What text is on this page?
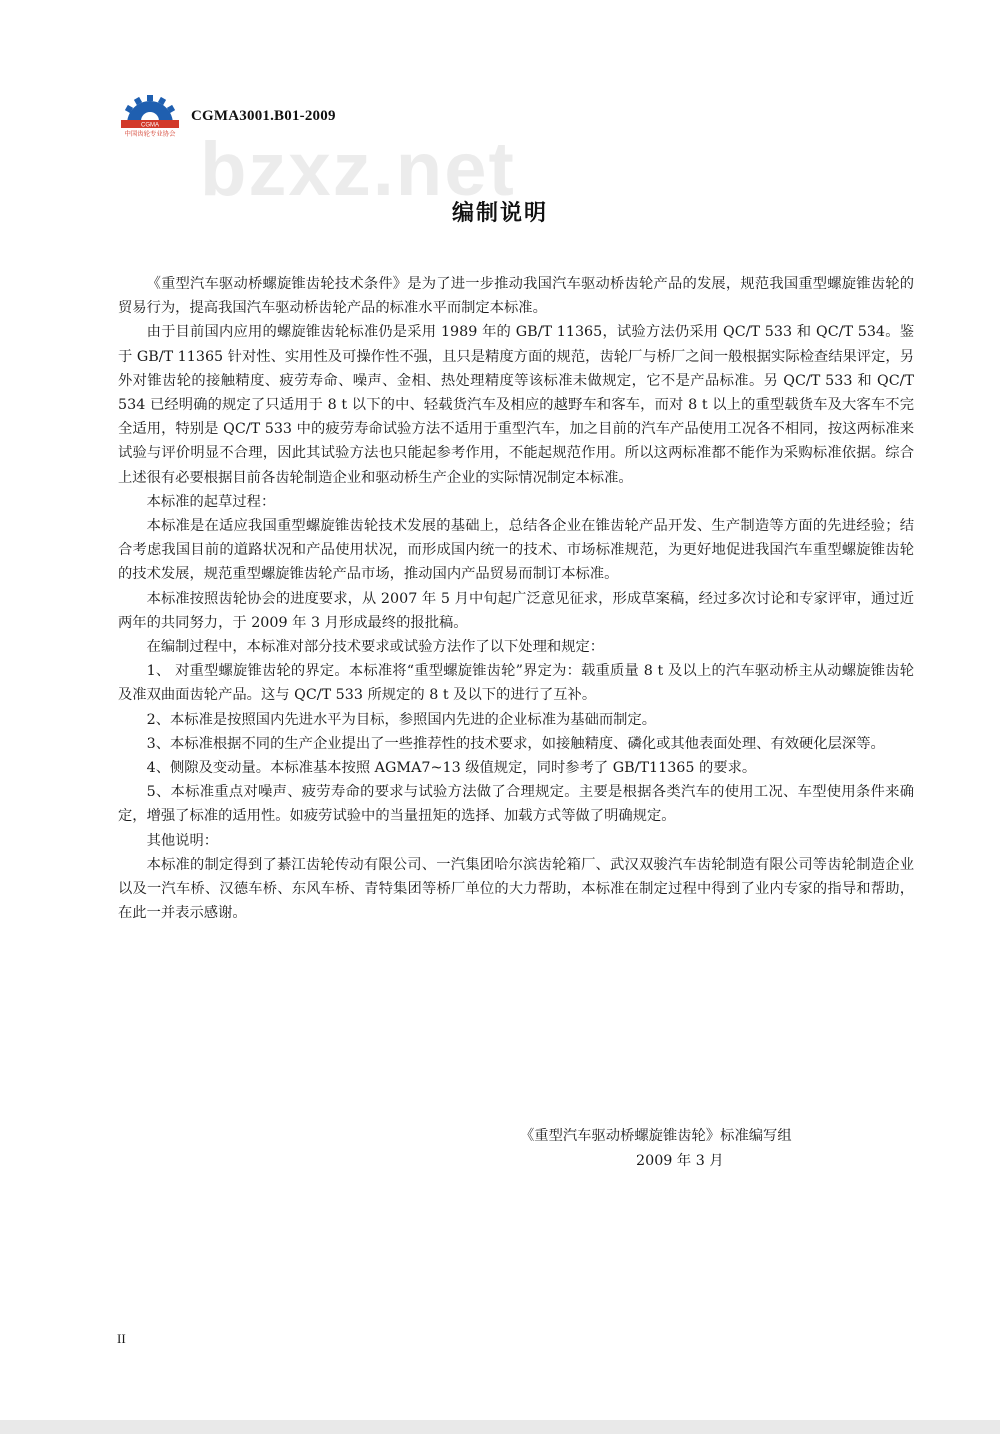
CGMA
中国齿轮专业协会
CGMA3001.B01-2009
bzxz.net
编制说明

《重型汽车驱动桥螺旋锥齿轮技术条件》是为了进一步推动我国汽车驱动桥齿轮产品的发展，规范我国重型螺旋锥齿轮的贸易行为，提高我国汽车驱动桥齿轮产品的标准水平而制定本标准。

由于目前国内应用的螺旋锥齿轮标准仍是采用 1989 年的 GB/T 11365，试验方法仍采用 QC/T 533 和 QC/T 534。鉴于 GB/T 11365 针对性、实用性及可操作性不强，且只是精度方面的规范，齿轮厂与桥厂之间一般根据实际检查结果评定，另外对锥齿轮的接触精度、疲劳寿命、噪声、金相、热处理精度等该标准未做规定，它不是产品标准。另 QC/T 533 和 QC/T 534 已经明确的规定了只适用于 8 t 以下的中、轻载货汽车及相应的越野车和客车，而对 8 t 以上的重型载货车及大客车不完全适用，特别是 QC/T 533 中的疲劳寿命试验方法不适用于重型汽车，加之目前的汽车产品使用工况各不相同，按这两标准来试验与评价明显不合理，因此其试验方法也只能起参考作用，不能起规范作用。所以这两标准都不能作为采购标准依据。综合上述很有必要根据目前各齿轮制造企业和驱动桥生产企业的实际情况制定本标准。

本标准的起草过程：

本标准是在适应我国重型螺旋锥齿轮技术发展的基础上，总结各企业在锥齿轮产品开发、生产制造等方面的先进经验；结合考虑我国目前的道路状况和产品使用状况，而形成国内统一的技术、市场标准规范，为更好地促进我国汽车重型螺旋锥齿轮的技术发展，规范重型螺旋锥齿轮产品市场，推动国内产品贸易而制订本标准。

本标准按照齿轮协会的进度要求，从 2007 年 5 月中旬起广泛意见征求，形成草案稿，经过多次讨论和专家评审，通过近两年的共同努力，于 2009 年 3 月形成最终的报批稿。

在编制过程中，本标准对部分技术要求或试验方法作了以下处理和规定：

1、 对重型螺旋锥齿轮的界定。本标准将“重型螺旋锥齿轮”界定为：载重质量 8 t 及以上的汽车驱动桥主从动螺旋锥齿轮及准双曲面齿轮产品。这与 QC/T 533 所规定的 8 t 及以下的进行了互补。

2、本标准是按照国内先进水平为目标，参照国内先进的企业标准为基础而制定。

3、本标准根据不同的生产企业提出了一些推荐性的技术要求，如接触精度、磷化或其他表面处理、有效硬化层深等。

4、侧隙及变动量。本标准基本按照 AGMA7~13 级值规定，同时参考了 GB/T11365 的要求。

5、本标准重点对噪声、疲劳寿命的要求与试验方法做了合理规定。主要是根据各类汽车的使用工况、车型使用条件来确定，增强了标准的适用性。如疲劳试验中的当量扭矩的选择、加载方式等做了明确规定。

其他说明：

本标准的制定得到了綦江齿轮传动有限公司、一汽集团哈尔滨齿轮箱厂、武汉双骏汽车齿轮制造有限公司等齿轮制造企业以及一汽车桥、汉德车桥、东风车桥、青特集团等桥厂单位的大力帮助，本标准在制定过程中得到了业内专家的指导和帮助，在此一并表示感谢。

《重型汽车驱动桥螺旋锥齿轮》标准编写组
2009 年 3 月
II
